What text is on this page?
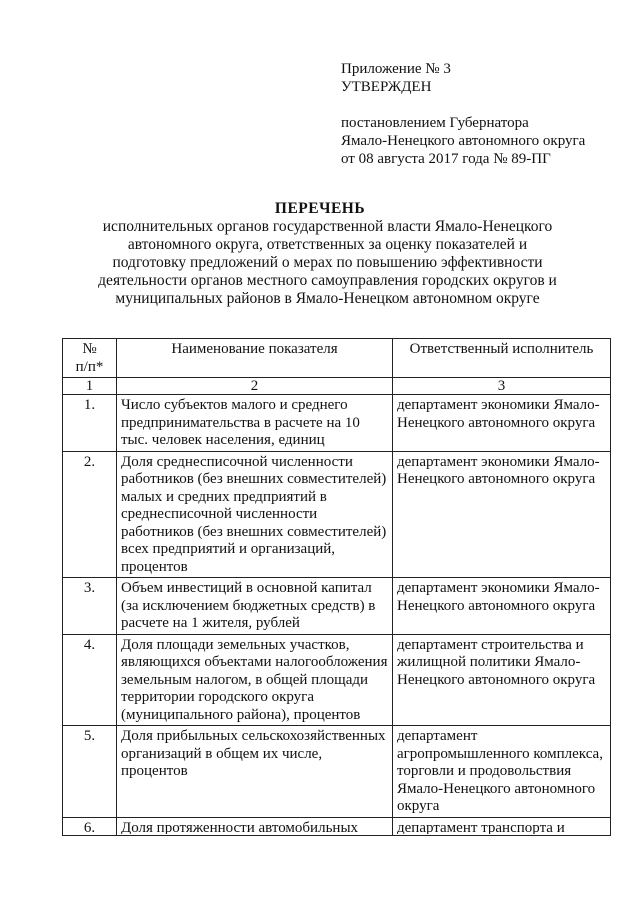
Приложение № 3
УТВЕРЖДЕН
постановлением Губернатора
Ямало-Ненецкого автономного округа
от 08 августа 2017 года № 89-ПГ
ПЕРЕЧЕНЬ
исполнительных органов государственной власти Ямало-Ненецкого автономного округа, ответственных за оценку показателей и подготовку предложений о мерах по повышению эффективности деятельности органов местного самоуправления городских округов и муниципальных районов в Ямало-Ненецком автономном округе
№
п/п*	Наименование показателя	Ответственный исполнитель
1	2	3
1.	Число субъектов малого и среднего предпринимательства в расчете на 10 тыс. человек населения, единиц	департамент экономики Ямало-Ненецкого автономного округа
2.	Доля среднесписочной численности работников (без внешних совместителей) малых и средних предприятий в среднесписочной численности работников (без внешних совместителей) всех предприятий и организаций, процентов	департамент экономики Ямало-Ненецкого автономного округа
3.	Объем инвестиций в основной капитал (за исключением бюджетных средств) в расчете на 1 жителя, рублей	департамент экономики Ямало-Ненецкого автономного округа
4.	Доля площади земельных участков, являющихся объектами налогообложения земельным налогом, в общей площади территории городского округа (муниципального района), процентов	департамент строительства и жилищной политики Ямало-Ненецкого автономного округа
5.	Доля прибыльных сельскохозяйственных организаций в общем их числе, процентов	департамент агропромышленного комплекса, торговли и продовольствия Ямало-Ненецкого автономного округа

6.	Доля протяженности автомобильных	департамент транспорта и
